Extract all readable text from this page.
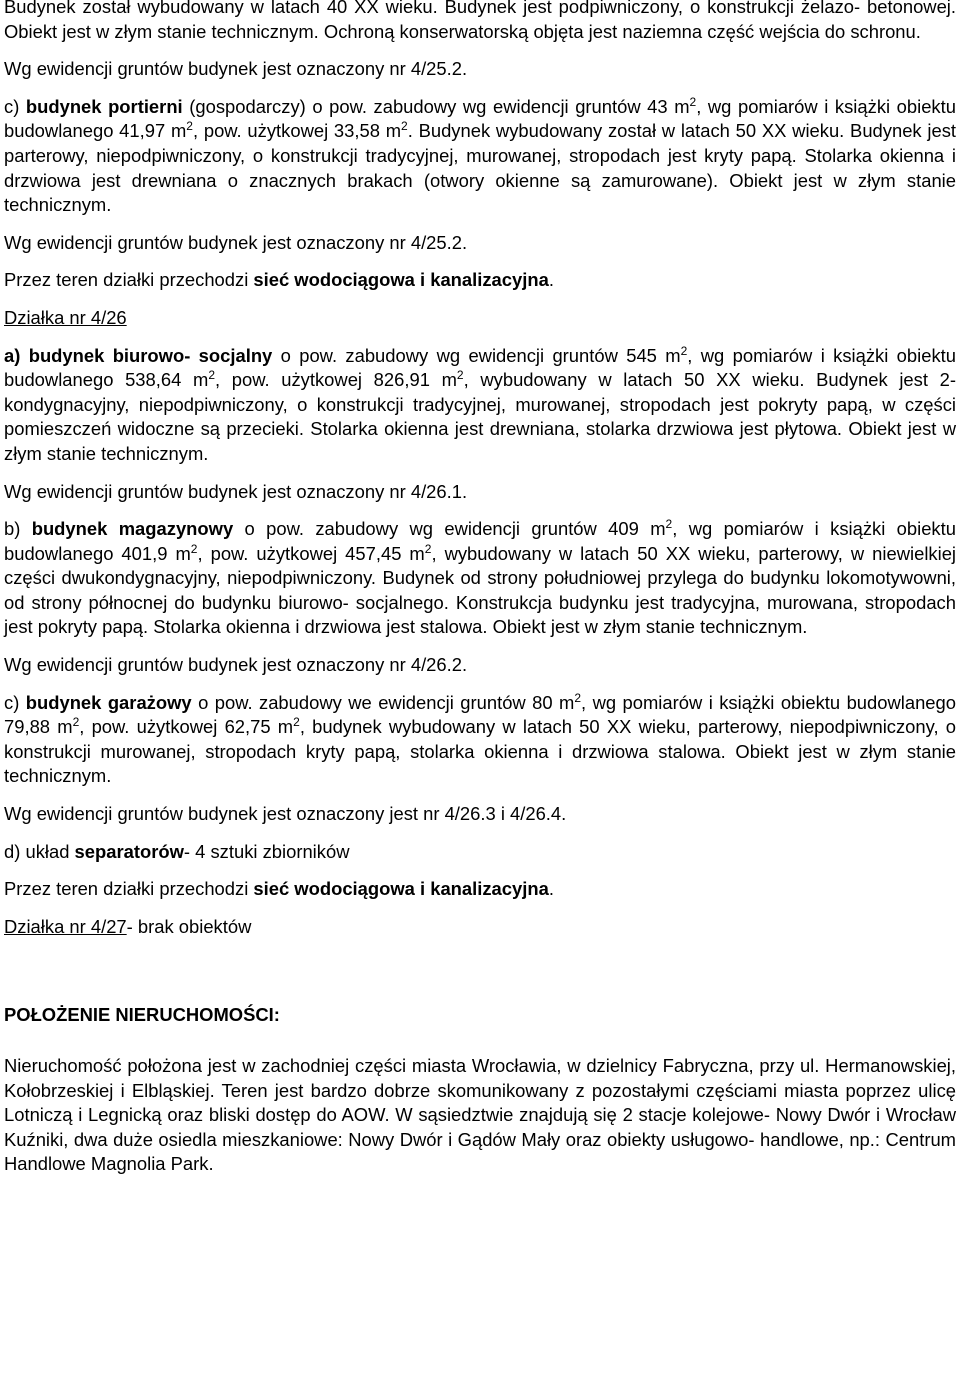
Budynek został wybudowany w latach 40 XX wieku. Budynek jest podpiwniczony, o konstrukcji żelazo- betonowej. Obiekt jest w złym stanie technicznym. Ochroną konserwatorską objęta jest naziemna część wejścia do schronu.

Wg ewidencji gruntów budynek jest oznaczony nr 4/25.2.

c) budynek portierni (gospodarczy) o pow. zabudowy wg ewidencji gruntów 43 $m^2$, wg pomiarów i książki obiektu budowlanego 41,97 $m^2$, pow. użytkowej 33,58 $m^2$. Budynek wybudowany został w latach 50 XX wieku. Budynek jest parterowy, niepodpiwniczony, o konstrukcji tradycyjnej, murowanej, stropodach jest kryty papą. Stolarka okienna i drzwiowa jest drewniana o znacznych brakach (otwory okienne są zamurowane). Obiekt jest w złym stanie technicznym.

Wg ewidencji gruntów budynek jest oznaczony nr 4/25.2.

Przez teren działki przechodzi sieć wodociągowa i kanalizacyjna.

Działka nr 4/26

a) budynek biurowo- socjalny o pow. zabudowy wg ewidencji gruntów 545 $m^2$, wg pomiarów i książki obiektu budowlanego 538,64 $m^2$, pow. użytkowej 826,91 $m^2$, wybudowany w latach 50 XX wieku. Budynek jest 2- kondygnacyjny, niepodpiwniczony, o konstrukcji tradycyjnej, murowanej, stropodach jest pokryty papą, w części pomieszczeń widoczne są przecieki. Stolarka okienna jest drewniana, stolarka drzwiowa jest płytowa. Obiekt jest w złym stanie technicznym.

Wg ewidencji gruntów budynek jest oznaczony nr 4/26.1.

b) budynek magazynowy o pow. zabudowy wg ewidencji gruntów 409 $m^2$, wg pomiarów i książki obiektu budowlanego 401,9 $m^2$, pow. użytkowej 457,45 $m^2$, wybudowany w latach 50 XX wieku, parterowy, w niewielkiej części dwukondygnacyjny, niepodpiwniczony. Budynek od strony południowej przylega do budynku lokomotywowni, od strony północnej do budynku biurowo- socjalnego. Konstrukcja budynku jest tradycyjna, murowana, stropodach jest pokryty papą. Stolarka okienna i drzwiowa jest stalowa. Obiekt jest w złym stanie technicznym.

Wg ewidencji gruntów budynek jest oznaczony nr 4/26.2.

c) budynek garażowy o pow. zabudowy we ewidencji gruntów 80 $m^2$, wg pomiarów i książki obiektu budowlanego 79,88 $m^2$, pow. użytkowej 62,75 $m^2$, budynek wybudowany w latach 50 XX wieku, parterowy, niepodpiwniczony, o konstrukcji murowanej, stropodach kryty papą, stolarka okienna i drzwiowa stalowa. Obiekt jest w złym stanie technicznym.

Wg ewidencji gruntów budynek jest oznaczony jest nr 4/26.3 i 4/26.4.

d) układ separatorów- 4 sztuki zbiorników

Przez teren działki przechodzi sieć wodociągowa i kanalizacyjna.

Działka nr 4/27- brak obiektów

POŁOŻENIE NIERUCHOMOŚCI:

Nieruchomość położona jest w zachodniej części miasta Wrocławia, w dzielnicy Fabryczna, przy ul. Hermanowskiej, Kołobrzeskiej i Elbląskiej. Teren jest bardzo dobrze skomunikowany z pozostałymi częściami miasta poprzez ulicę Lotniczą i Legnicką oraz bliski dostęp do AOW. W sąsiedztwie znajdują się 2 stacje kolejowe- Nowy Dwór i Wrocław Kuźniki, dwa duże osiedla mieszkaniowe: Nowy Dwór i Gądów Mały oraz obiekty usługowo- handlowe, np.: Centrum Handlowe Magnolia Park.
